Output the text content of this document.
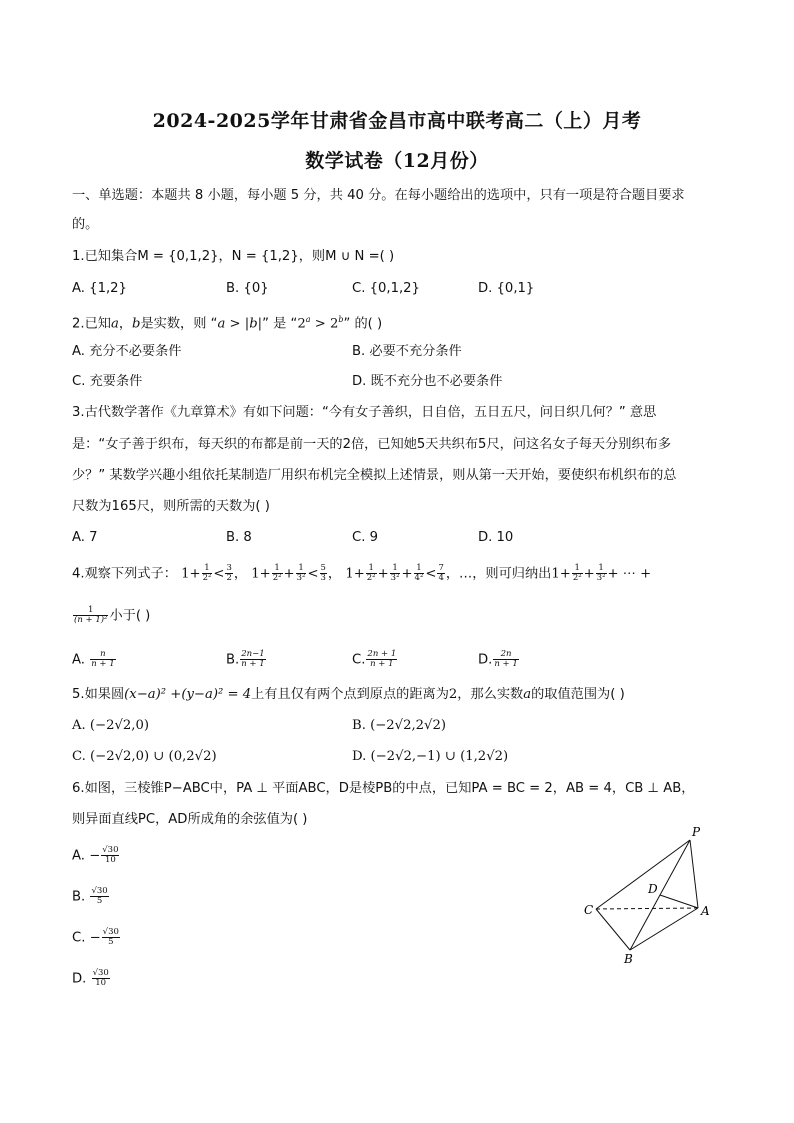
2024-2025学年甘肃省金昌市高中联考高二（上）月考
数学试卷（12月份）
一、单选题：本题共 8 小题，每小题 5 分，共 40 分。在每小题给出的选项中，只有一项是符合题目要求
的。
1.已知集合M = {0,1,2}，N = {1,2}，则M ∪ N =( )
A. {1,2}	B. {0}	C. {0,1,2}	D. {0,1}
2.已知a，b是实数，则 “a > |b|” 是 “$2^a > 2^b$” 的( )
A. 充分不必要条件	B. 必要不充分条件
C. 充要条件	D. 既不充分也不必要条件
3.古代数学著作《九章算术》有如下问题：“今有女子善织，日自倍，五日五尺，问日织几何？” 意思
是：“女子善于织布，每天织的布都是前一天的2倍，已知她5天共织布5尺，问这名女子每天分别织布多
少？” 某数学兴趣小组依托某制造厂用织布机完全模拟上述情景，则从第一天开始，要使织布机织布的总
尺数为165尺，则所需的天数为( )
A. 7	B. 8	C. 9	D. 10
4.观察下列式子： $1+ \frac{1}{\text{2²}} < \frac{3}{2}$ ， $1+ \frac{1}{\text{2²}} + \frac{1}{\text{3²}} < \frac{5}{3}$ ， $1+ \frac{1}{\text{2²}} + \frac{1}{\text{3²}} + \frac{1}{\text{4²}} < \frac{7}{4}$ ，…，则可归纳出$1+ \frac{1}{\text{2²}} + \frac{1}{\text{3²}}$ + ⋯ +
$\frac{1}{\text{(n + 1)²}}$ 小于( )
A. $\frac{n}{n + 1}$	B. $\frac{2n-1}{n + 1}$	C. $\frac{2n + 1}{n + 1}$	D. $\frac{2n}{n + 1}$
5.如果圆(x−a)² +(y−a)² = 4上有且仅有两个点到原点的距离为2，那么实数a的取值范围为( )
A. (−2√2,0)	B. (−2√2,2√2)
C. (−2√2,0) ∪ (0,2√2)	D. (−2√2,−1) ∪ (1,2√2)
6.如图，三棱锥P−ABC中，PA ⊥ 平面ABC，D是棱PB的中点，已知PA = BC = 2，AB = 4，CB ⊥ AB，
则异面直线PC，AD所成角的余弦值为( )
A. − $\frac{√30}{10}$
B. $\frac{√30}{5}$
C. − $\frac{√30}{5}$
D. $\frac{√30}{10}$
P
D
C	A
B
